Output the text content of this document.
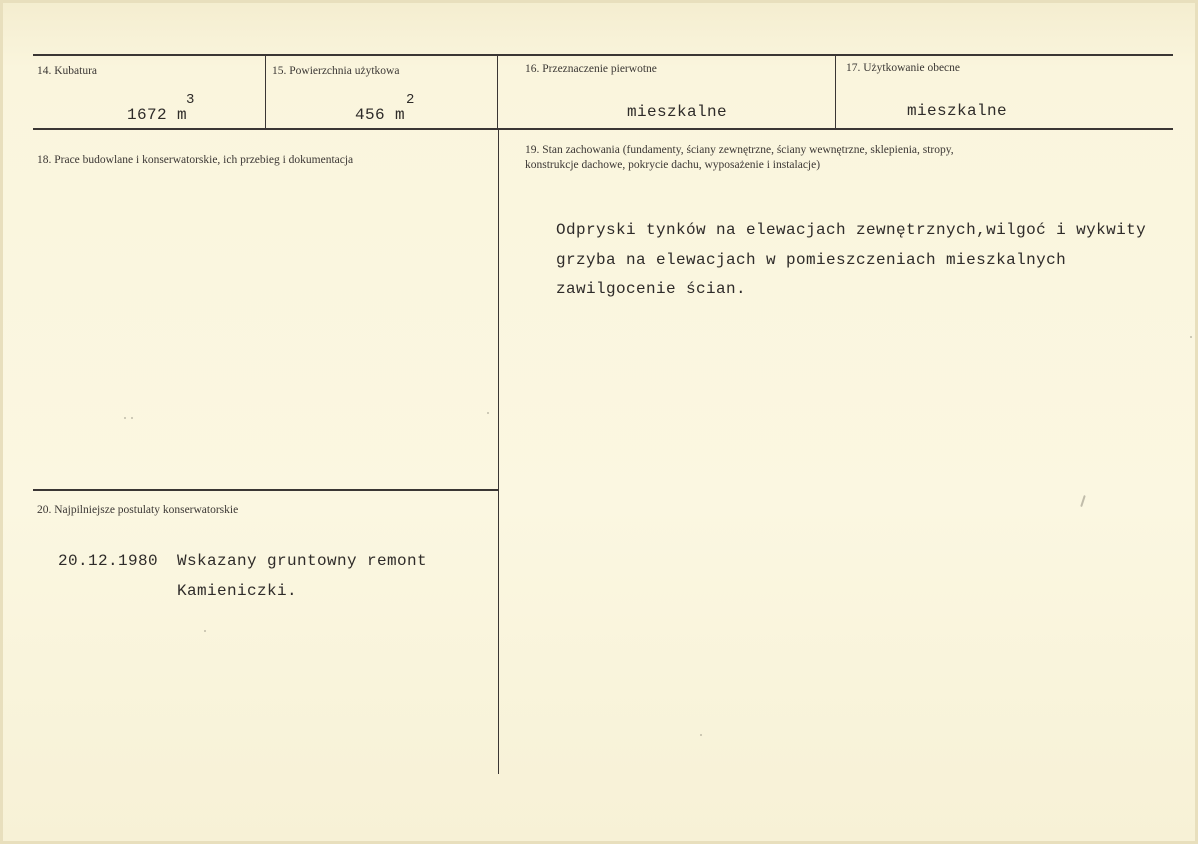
14. Kubatura
1672 m
3
15. Powierzchnia użytkowa
456 m
2
16. Przeznaczenie pierwotne
mieszkalne
17. Użytkowanie obecne
mieszkalne
18. Prace budowlane i konserwatorskie, ich przebieg i dokumentacja
19. Stan zachowania (fundamenty, ściany zewnętrzne, ściany wewnętrzne, sklepienia, stropy,
konstrukcje dachowe, pokrycie dachu, wyposażenie i instalacje)
Odpryski tynków na elewacjach zewnętrznych,wilgoć i wykwity
grzyba na elewacjach w pomieszczeniach mieszkalnych
zawilgocenie ścian.
20. Najpilniejsze postulaty konserwatorskie
20.12.1980 Wskazany gruntowny remont
Kamieniczki.
